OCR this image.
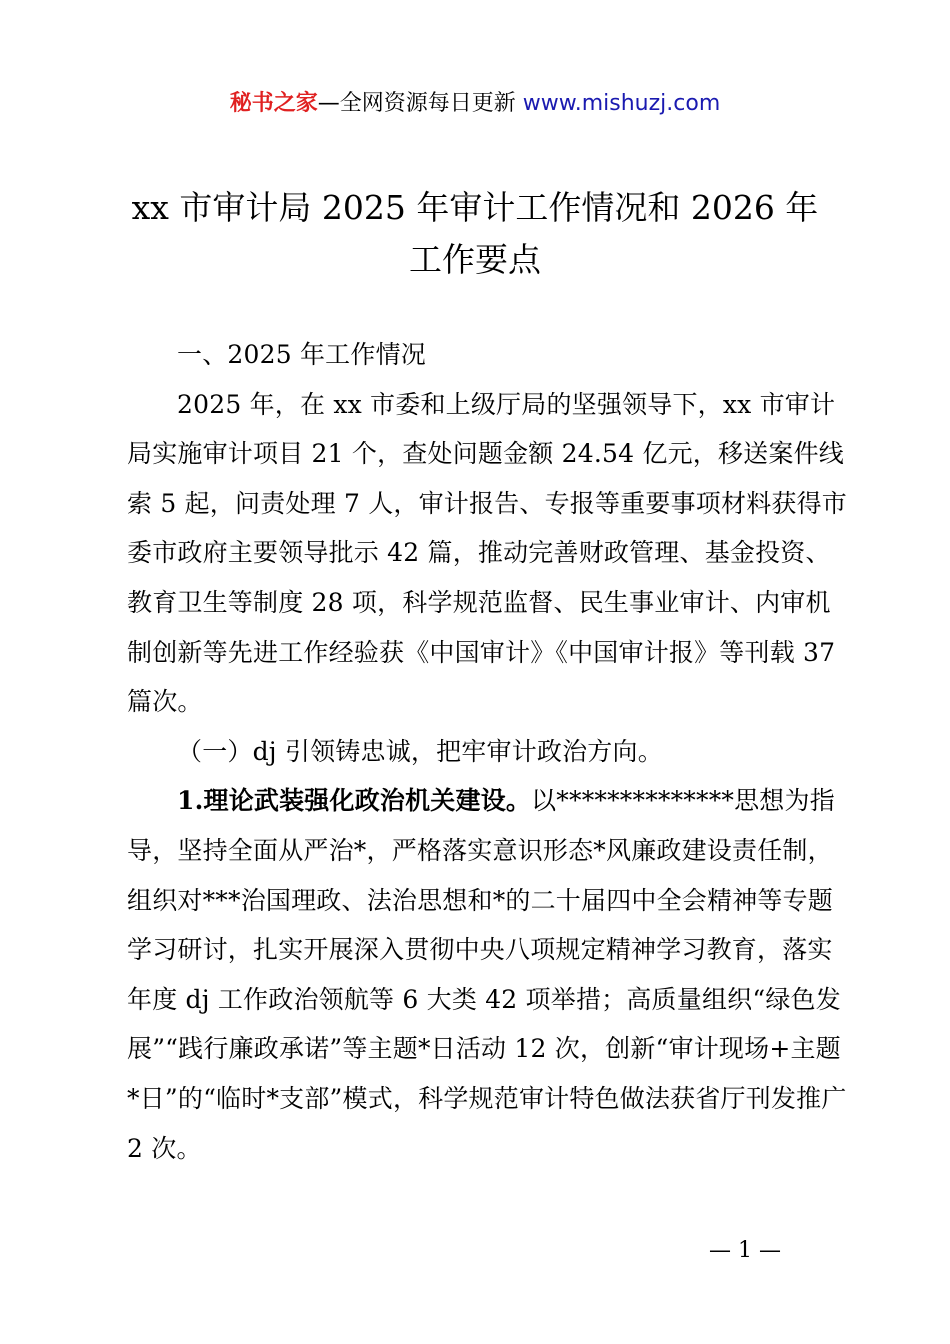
秘书之家—全网资源每日更新 www.mishuzj.com
xx 市审计局 2025 年审计工作情况和 2026 年
工作要点

一、2025 年工作情况

2025 年，在 xx 市委和上级厅局的坚强领导下，xx 市审计局实施审计项目 21 个，查处问题金额 24.54 亿元，移送案件线索 5 起，问责处理 7 人，审计报告、专报等重要事项材料获得市委市政府主要领导批示 42 篇，推动完善财政管理、基金投资、教育卫生等制度 28 项，科学规范监督、民生事业审计、内审机制创新等先进工作经验获《中国审计》《中国审计报》等刊载 37 篇次。

（一）dj 引领铸忠诚，把牢审计政治方向。

1.理论武装强化政治机关建设。以**************思想为指导，坚持全面从严治*，严格落实意识形态*风廉政建设责任制，组织对***治国理政、法治思想和*的二十届四中全会精神等专题学习研讨，扎实开展深入贯彻中央八项规定精神学习教育，落实年度 dj 工作政治领航等 6 大类 42 项举措；高质量组织“绿色发展”“践行廉政承诺”等主题*日活动 12 次，创新“审计现场+主题*日”的“临时*支部”模式，科学规范审计特色做法获省厅刊发推广 2 次。

— 1 —
